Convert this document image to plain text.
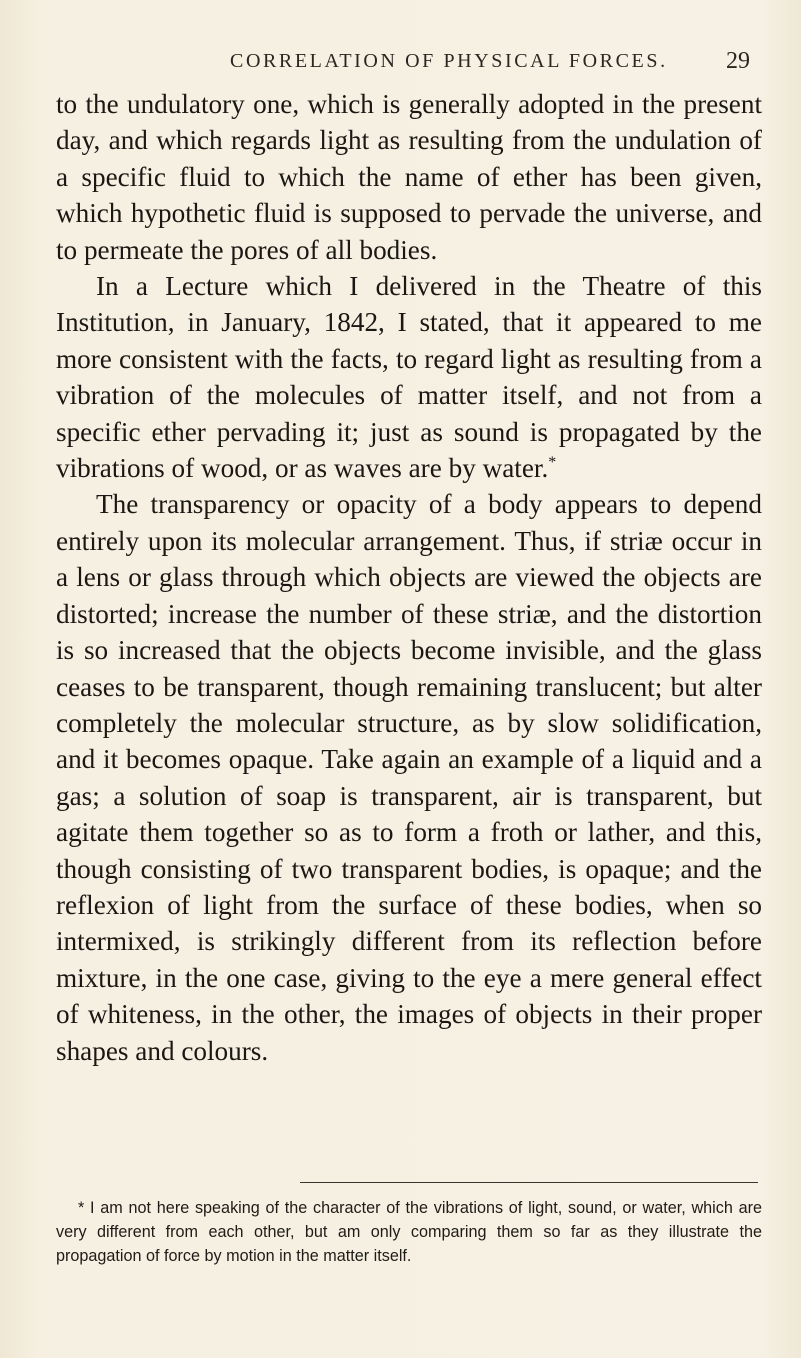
CORRELATION OF PHYSICAL FORCES. 29

to the undulatory one, which is generally adopted in the present day, and which regards light as resulting from the undulation of a specific fluid to which the name of ether has been given, which hypothetic fluid is supposed to pervade the universe, and to permeate the pores of all bodies.

In a Lecture which I delivered in the Theatre of this Institution, in January, 1842, I stated, that it appeared to me more consistent with the facts, to regard light as resulting from a vibration of the molecules of matter itself, and not from a specific ether pervading it; just as sound is propagated by the vibrations of wood, or as waves are by water.*

The transparency or opacity of a body appears to depend entirely upon its molecular arrangement. Thus, if striæ occur in a lens or glass through which objects are viewed the objects are distorted; increase the number of these striæ, and the distortion is so increased that the objects become invisible, and the glass ceases to be transparent, though remaining translucent; but alter completely the molecular structure, as by slow solidification, and it becomes opaque. Take again an example of a liquid and a gas; a solution of soap is transparent, air is transparent, but agitate them together so as to form a froth or lather, and this, though consisting of two transparent bodies, is opaque; and the reflexion of light from the surface of these bodies, when so intermixed, is strikingly different from its reflection before mixture, in the one case, giving to the eye a mere general effect of whiteness, in the other, the images of objects in their proper shapes and colours.

* I am not here speaking of the character of the vibrations of light, sound, or water, which are very different from each other, but am only comparing them so far as they illustrate the propagation of force by motion in the matter itself.
